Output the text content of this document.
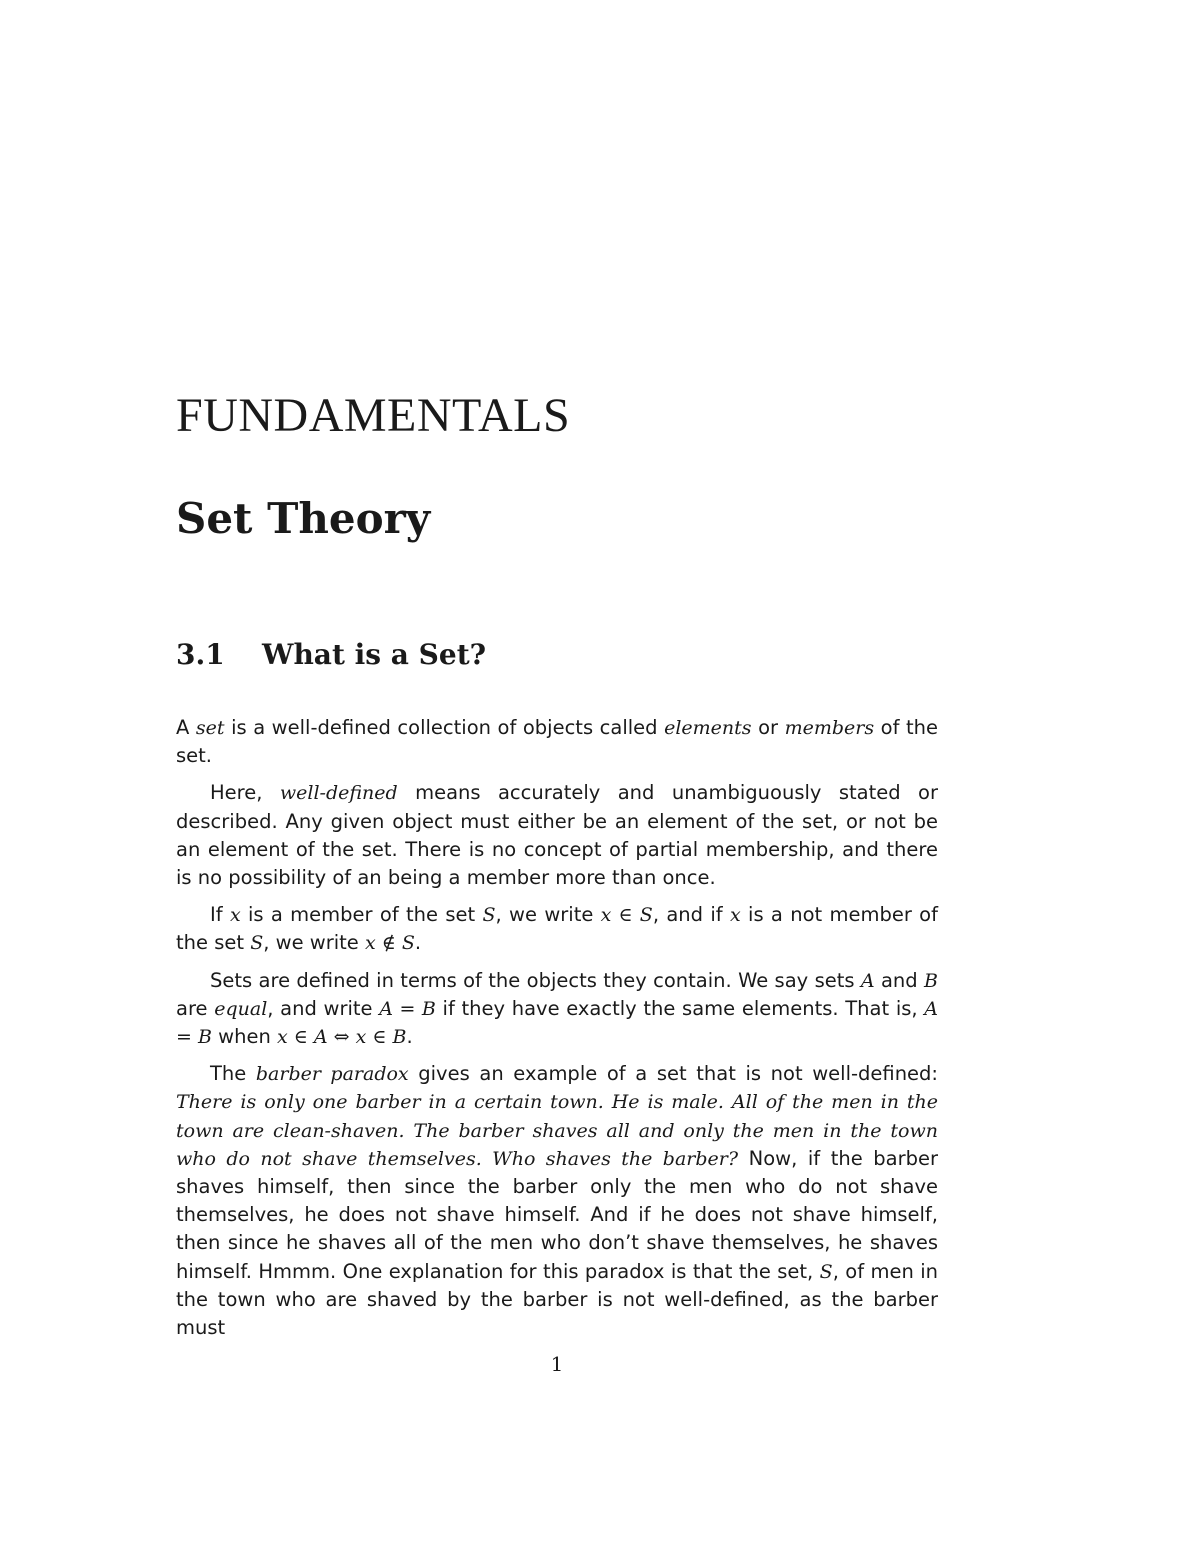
FUNDAMENTALS
Set Theory
3.1 What is a Set?

A set is a well-defined collection of objects called elements or members of the set.

Here, well-defined means accurately and unambiguously stated or described. Any given object must either be an element of the set, or not be an element of the set. There is no concept of partial membership, and there is no possibility of an being a member more than once.

If x is a member of the set S, we write x ∈ S, and if x is a not member of the set S, we write x ∉ S.

Sets are defined in terms of the objects they contain. We say sets A and B are equal, and write A = B if they have exactly the same elements. That is, A = B when x ∈ A ⇔ x ∈ B.

The barber paradox gives an example of a set that is not well-defined: There is only one barber in a certain town. He is male. All of the men in the town are clean-shaven. The barber shaves all and only the men in the town who do not shave themselves. Who shaves the barber? Now, if the barber shaves himself, then since the barber only the men who do not shave themselves, he does not shave himself. And if he does not shave himself, then since he shaves all of the men who don’t shave themselves, he shaves himself. Hmmm. One explanation for this paradox is that the set, S, of men in the town who are shaved by the barber is not well-defined, as the barber must

1
